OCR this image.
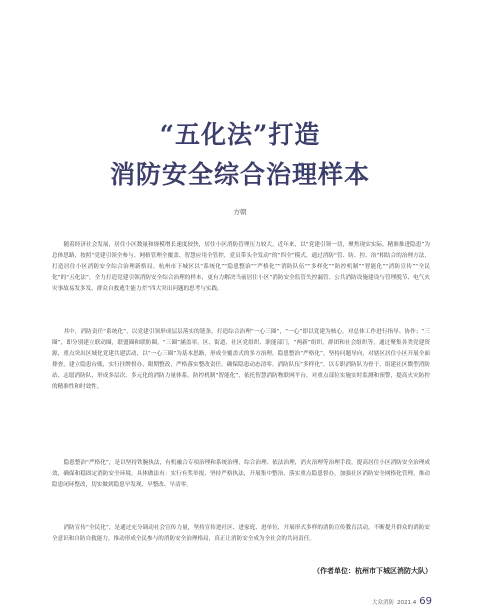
“五化法”打造
消防安全综合治理样本
方朝

随着经济社会发展，居住小区数量和规模增长速度较快，居住小区消防管理压力较大。近年来，以“党建引领一切，聚焦现实实际，精准推进隐患”为总体思路，按照“党建引领全参与、网格管理全覆盖、智慧应用全管控，党员带头全发动”的“四全”模式，通过消防“管、防、控、治”相结合的治理方法，打造居住小区消防安全综合治理新格局。杭州市下城区以“系统化”“隐患整治”“严格化”“消防队伍”“多样化”“防控机制”“智能化”“消防宣传”“全民化”的“五化法”，全力打造党建引领消防安全综合治理的样本，更有力解决当前居住小区“消防安全监管失控漏管、公共消防设施建设与管理脱节、电气火灾事故易发多发，群众自救逃生能力差”四大突出问题的思考与实践。

其中，消防责任“系统化”，以党建引领形成层层落实的链条，打造综合治理“一心三圈”，“一心”即以党建为核心，对总体工作进行指导、协作；“三圈”，即分别建立联动圈，联盟圈和联防圈。“三圈”涵盖率，区、街道、社区党组织、职能部门，“两新”组织，群团和社会组织等，通过聚集各类党建资源，重点突出区域化党建共建活动，以“一心三圈”为基本思路，形成全覆盖式的多方治理。隐患整治“严格化”，坚持问题导向，对辖区居住小区开展全面排查，建立隐患台账，实行挂牌督办、限期整改，严格落实整改责任，确保隐患动态清零。消防队伍“多样化”，以专职消防队为骨干，组建社区微型消防站、志愿消防队，形成多层次、多元化的消防力量体系。防控机制“智能化”，依托智慧消防物联网平台，对重点部位实施实时监测和预警，提高火灾防控的精准性和时效性。

隐患整治“严格化”，是以坚持铁腕执法，有机融合专项治理和系统治理，综合治理、依法治理，消火治理等治理手段，提高居住小区消防安全治理成效，确保和稳固定消防安全环境。具体做法有：实行有奖举报、坚持严格执法，开展集中整治，落实重点隐患督办，加强社区消防安全网格化管理，推动隐患闭环整改，切实做到隐患早发现、早整改、早清零。

消防宣传“全民化”，是通过充分调动社会宣传力量，坚持宣传进社区、进家庭、进单位，开展形式多样的消防宣传教育活动，不断提升群众的消防安全意识和自防自救能力，推动形成全民参与的消防安全治理格局，真正让消防安全成为全社会的共同责任。

（作者单位：杭州市下城区消防大队）
大众消防 2021.4 69
